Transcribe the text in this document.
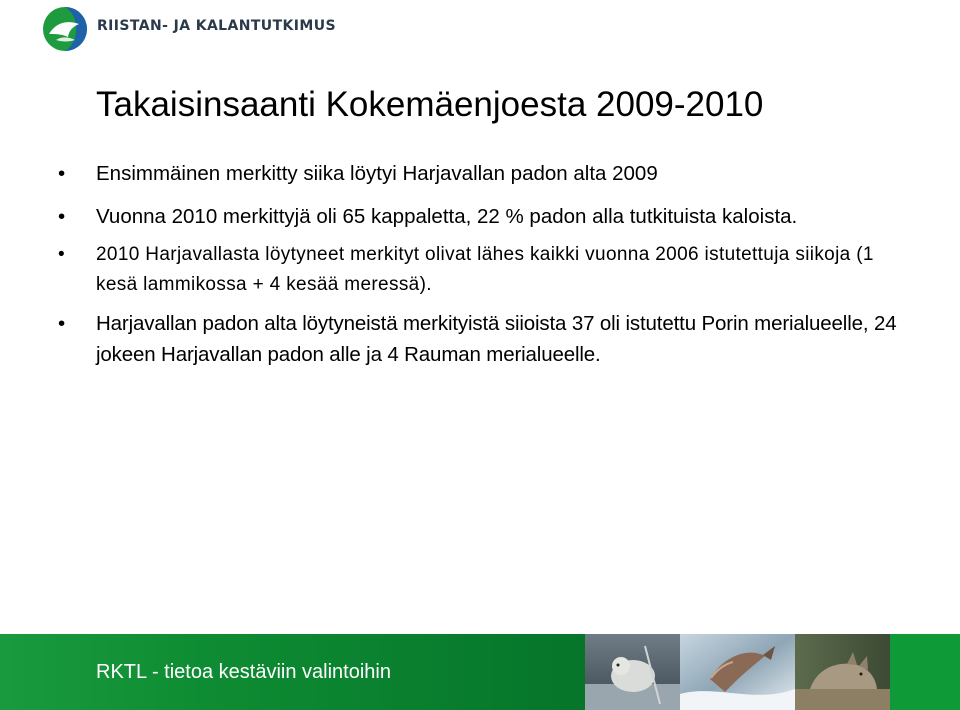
RIISTAN- JA KALANTUTKIMUS
Takaisinsaanti Kokemäenjoesta 2009-2010
• Ensimmäinen merkitty siika löytyi Harjavallan padon alta 2009
• Vuonna 2010 merkittyjä oli 65 kappaletta, 22 % padon alla tutkituista kaloista.
• 2010 Harjavallasta löytyneet merkityt olivat lähes kaikki vuonna 2006 istutettuja siikoja (1 kesä lammikossa + 4 kesää meressä).
• Harjavallan padon alta löytyneistä merkityistä siioista 37 oli istutettu Porin merialueelle, 24 jokeen Harjavallan padon alle ja 4 Rauman merialueelle.
RKTL - tietoa kestäviin valintoihin
